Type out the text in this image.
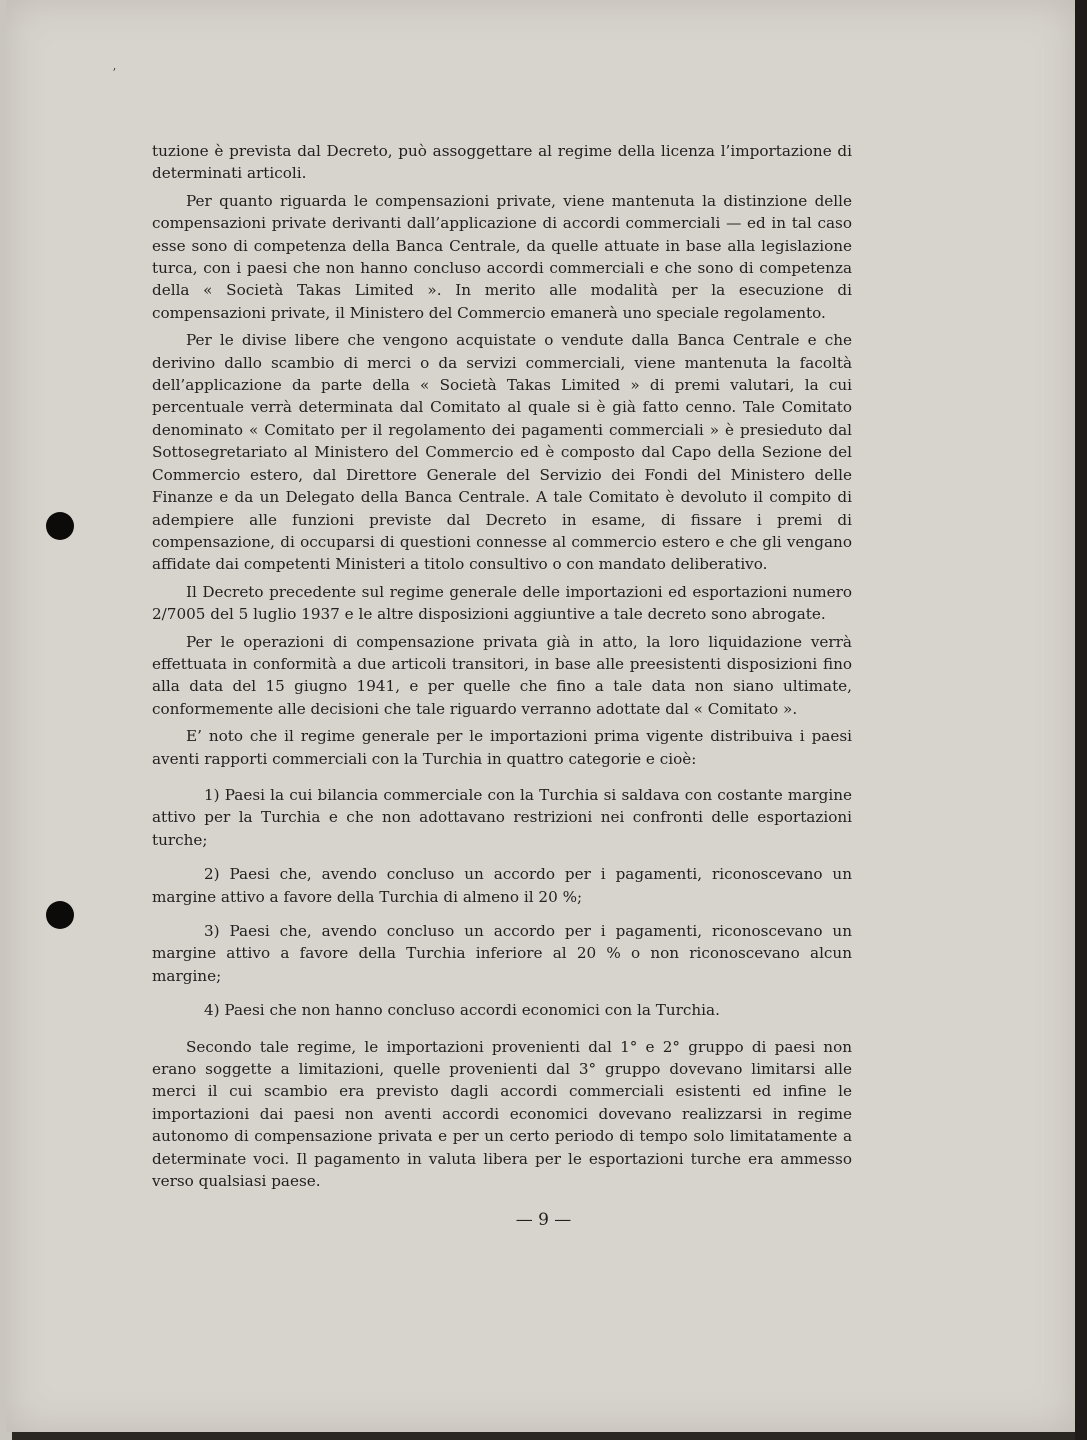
ʼ

tuzione è prevista dal Decreto, può assoggettare al regime della licenza l’importazione di determinati articoli.

Per quanto riguarda le compensazioni private, viene mantenuta la distinzione delle compensazioni private derivanti dall’applicazione di accordi commerciali — ed in tal caso esse sono di competenza della Banca Centrale, da quelle attuate in base alla legislazione turca, con i paesi che non hanno concluso accordi commerciali e che sono di competenza della « Società Takas Limited ». In merito alle modalità per la esecuzione di compensazioni private, il Ministero del Commercio emanerà uno speciale regolamento.

Per le divise libere che vengono acquistate o vendute dalla Banca Centrale e che derivino dallo scambio di merci o da servizi commerciali, viene mantenuta la facoltà dell’applicazione da parte della « Società Takas Limited » di premi valutari, la cui percentuale verrà determinata dal Comitato al quale si è già fatto cenno. Tale Comitato denominato « Comitato per il regolamento dei pagamenti commerciali » è presieduto dal Sottosegretariato al Ministero del Commercio ed è composto dal Capo della Sezione del Commercio estero, dal Direttore Generale del Servizio dei Fondi del Ministero delle Finanze e da un Delegato della Banca Centrale. A tale Comitato è devoluto il compito di adempiere alle funzioni previste dal Decreto in esame, di fissare i premi di compensazione, di occuparsi di questioni connesse al commercio estero e che gli vengano affidate dai competenti Ministeri a titolo consultivo o con mandato deliberativo.

Il Decreto precedente sul regime generale delle importazioni ed esportazioni numero 2/7005 del 5 luglio 1937 e le altre disposizioni aggiuntive a tale decreto sono abrogate.

Per le operazioni di compensazione privata già in atto, la loro liquidazione verrà effettuata in conformità a due articoli transitori, in base alle preesistenti disposizioni fino alla data del 15 giugno 1941, e per quelle che fino a tale data non siano ultimate, conformemente alle decisioni che tale riguardo verranno adottate dal « Comitato ».

E’ noto che il regime generale per le importazioni prima vigente distribuiva i paesi aventi rapporti commerciali con la Turchia in quattro categorie e cioè:

1) Paesi la cui bilancia commerciale con la Turchia si saldava con costante margine attivo per la Turchia e che non adottavano restrizioni nei confronti delle esportazioni turche;

2) Paesi che, avendo concluso un accordo per i pagamenti, riconoscevano un margine attivo a favore della Turchia di almeno il 20 %;

3) Paesi che, avendo concluso un accordo per i pagamenti, riconoscevano un margine attivo a favore della Turchia inferiore al 20 % o non riconoscevano alcun margine;

4) Paesi che non hanno concluso accordi economici con la Turchia.

Secondo tale regime, le importazioni provenienti dal 1° e 2° gruppo di paesi non erano soggette a limitazioni, quelle provenienti dal 3° gruppo dovevano limitarsi alle merci il cui scambio era previsto dagli accordi commerciali esistenti ed infine le importazioni dai paesi non aventi accordi economici dovevano realizzarsi in regime autonomo di compensazione privata e per un certo periodo di tempo solo limitatamente a determinate voci. Il pagamento in valuta libera per le esportazioni turche era ammesso verso qualsiasi paese.

— 9 —
